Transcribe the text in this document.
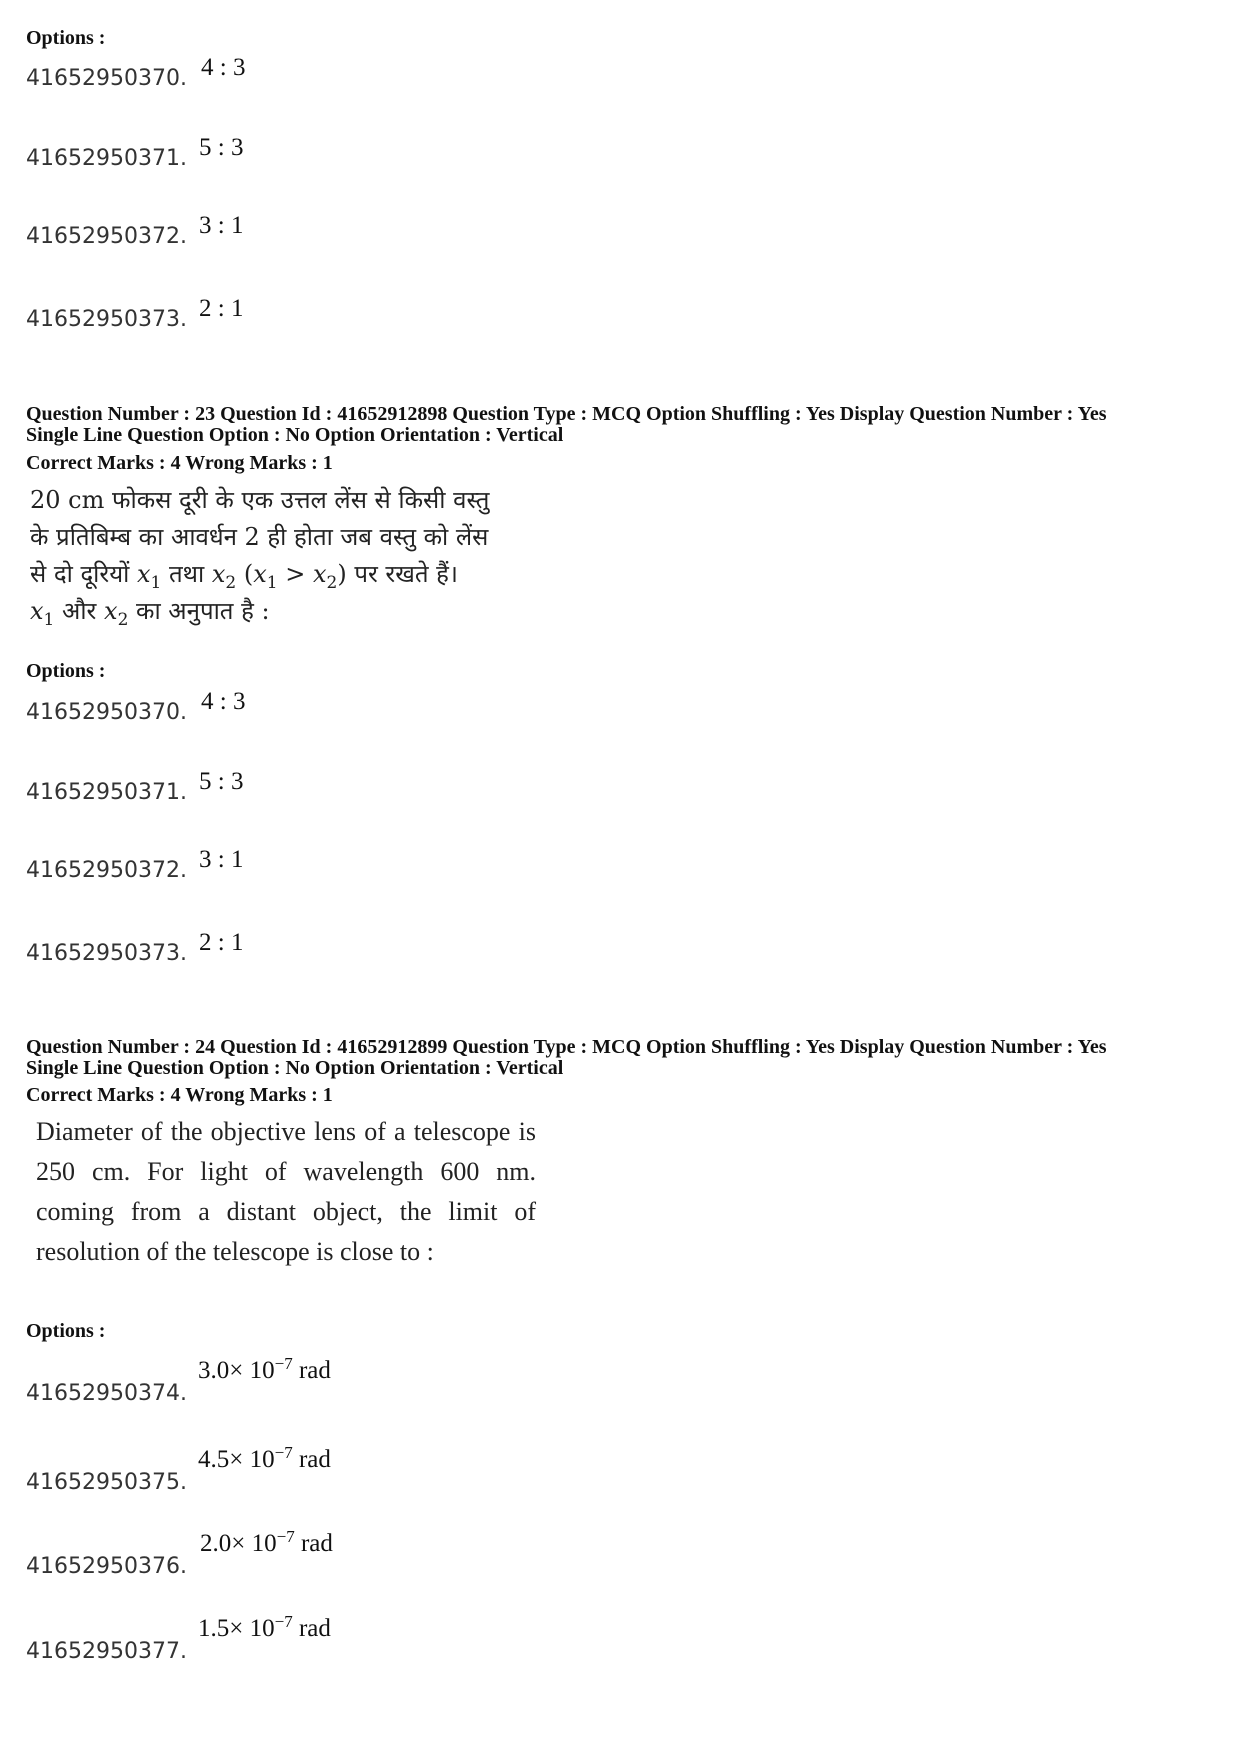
Options :
41652950370. 4 : 3
41652950371. 5 : 3
41652950372. 3 : 1
41652950373. 2 : 1
Question Number : 23 Question Id : 41652912898 Question Type : MCQ Option Shuffling : Yes Display Question Number : Yes
Single Line Question Option : No Option Orientation : Vertical
Correct Marks : 4 Wrong Marks : 1
20 cm फोकस दूरी के एक उत्तल लेंस से किसी वस्तु
के प्रतिबिम्ब का आवर्धन 2 ही होता जब वस्तु को लेंस
से दो दूरियों $x_1$ तथा $x_2$ $(x_1 > x_2)$ पर रखते हैं।
$x_1$ और $x_2$ का अनुपात है :
Options :
41652950370. 4 : 3
41652950371. 5 : 3
41652950372. 3 : 1
41652950373. 2 : 1
Question Number : 24 Question Id : 41652912899 Question Type : MCQ Option Shuffling : Yes Display Question Number : Yes
Single Line Question Option : No Option Orientation : Vertical
Correct Marks : 4 Wrong Marks : 1
Diameter of the objective lens of a telescope is 250 cm. For light of wavelength 600 nm. coming from a distant object, the limit of resolution of the telescope is close to :
Options :
41652950374.
$3.0\times 10^{-7}$ rad
41652950375.
$4.5\times 10^{-7}$ rad
41652950376.
$2.0\times 10^{-7}$ rad
41652950377.
$1.5\times 10^{-7}$ rad
